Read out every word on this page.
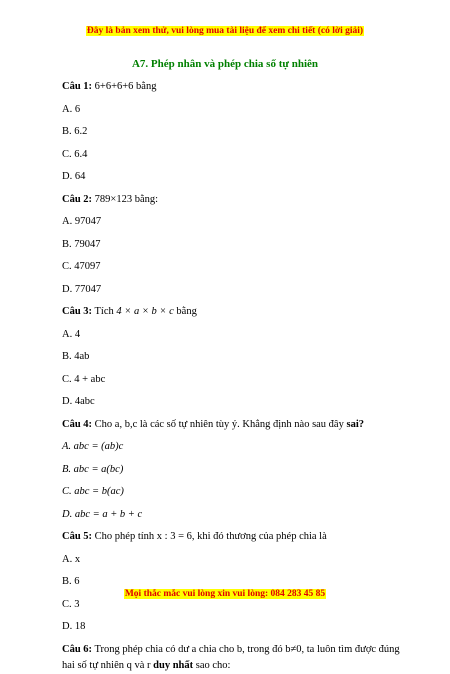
Đây là bản xem thử, vui lòng mua tài liệu để xem chi tiết (có lời giải)
A7. Phép nhân và phép chia số tự nhiên
Câu 1: 6+6+6+6 bằng
A. 6
B. 6.2
C. 6.4
D. 64
Câu 2: 789×123 bằng:
A. 97047
B. 79047
C. 47097
D. 77047
Câu 3: Tích 4 × a × b × c bằng
A. 4
B. 4ab
C. 4 + abc
D. 4abc
Câu 4: Cho a, b,c là các số tự nhiên tùy ý. Khẳng định nào sau đây sai?
A. abc = (ab)c
B. abc = a(bc)
C. abc = b(ac)
D. abc = a + b + c
Câu 5: Cho phép tính x : 3 = 6, khi đó thương của phép chia là
A. x
B. 6
C. 3
D. 18
Câu 6: Trong phép chia có dư a chia cho b, trong đó b≠0, ta luôn tìm được đúng hai số tự nhiên q và r duy nhất sao cho:
Mọi thắc mắc vui lòng xin vui lòng: 084 283 45 85
